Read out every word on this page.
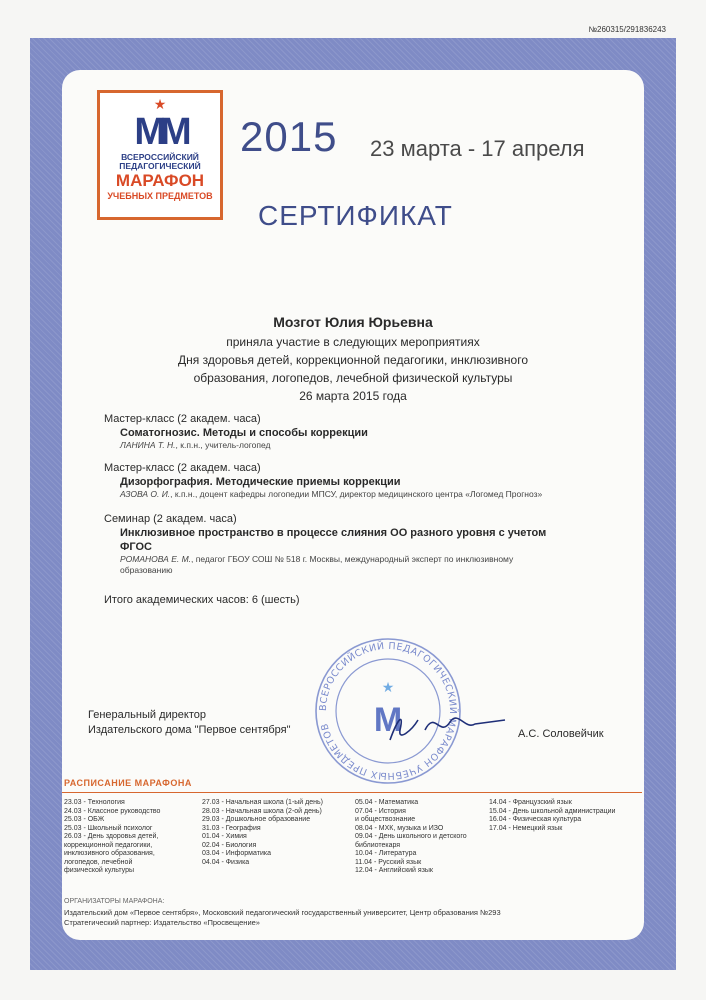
№260315/291836243
★
MM
ВСЕРОССИЙСКИЙ
ПЕДАГОГИЧЕСКИЙ
МАРАФОН
УЧЕБНЫХ ПРЕДМЕТОВ
2015 23 марта - 17 апреля
СЕРТИФИКАТ
Мозгот Юлия Юрьевна
приняла участие в следующих мероприятиях
Дня здоровья детей, коррекционной педагогики, инклюзивного
образования, логопедов, лечебной физической культуры
26 марта 2015 года
Мастер-класс (2 академ. часа)
Соматогнозис. Методы и способы коррекции
ЛАНИНА Т. Н., к.п.н., учитель-логопед
Мастер-класс (2 академ. часа)
Дизорфография. Методические приемы коррекции
АЗОВА О. И., к.п.н., доцент кафедры логопедии МПСУ, директор медицинского центра «Логомед Прогноз»
Семинар (2 академ. часа)
Инклюзивное пространство в процессе слияния ОО разного уровня с учетом
ФГОС
РОМАНОВА Е. М., педагог ГБОУ СОШ № 518 г. Москвы, международный эксперт по инклюзивному
образованию
Итого академических часов: 6 (шесть)
ВСЕРОССИЙСКИЙ ПЕДАГОГИЧЕСКИЙ МАРАФОН УЧЕБНЫХ ПРЕДМЕТОВ
★
M
Генеральный директор
Издательского дома "Первое сентября"	А.С. Соловейчик
РАСПИСАНИЕ МАРАФОНА
23.03 - Технология
24.03 - Классное руководство
25.03 - ОБЖ
25.03 - Школьный психолог
26.03 - День здоровья детей,
коррекционной педагогики,
инклюзивного образования,
логопедов, лечебной
физической культуры
27.03 - Начальная школа (1-ый день)
28.03 - Начальная школа (2-ой день)
29.03 - Дошкольное образование
31.03 - География
01.04 - Химия
02.04 - Биология
03.04 - Информатика
04.04 - Физика
05.04 - Математика
07.04 - История
и обществознание
08.04 - МХК, музыка и ИЗО
09.04 - День школьного и детского
библиотекаря
10.04 - Литература
11.04 - Русский язык
12.04 - Английский язык
14.04 - Французский язык
15.04 - День школьной администрации
16.04 - Физическая культура
17.04 - Немецкий язык
ОРГАНИЗАТОРЫ МАРАФОНА:
Издательский дом «Первое сентября», Московский педагогический государственный университет, Центр образования №293
Стратегический партнер: Издательство «Просвещение»
